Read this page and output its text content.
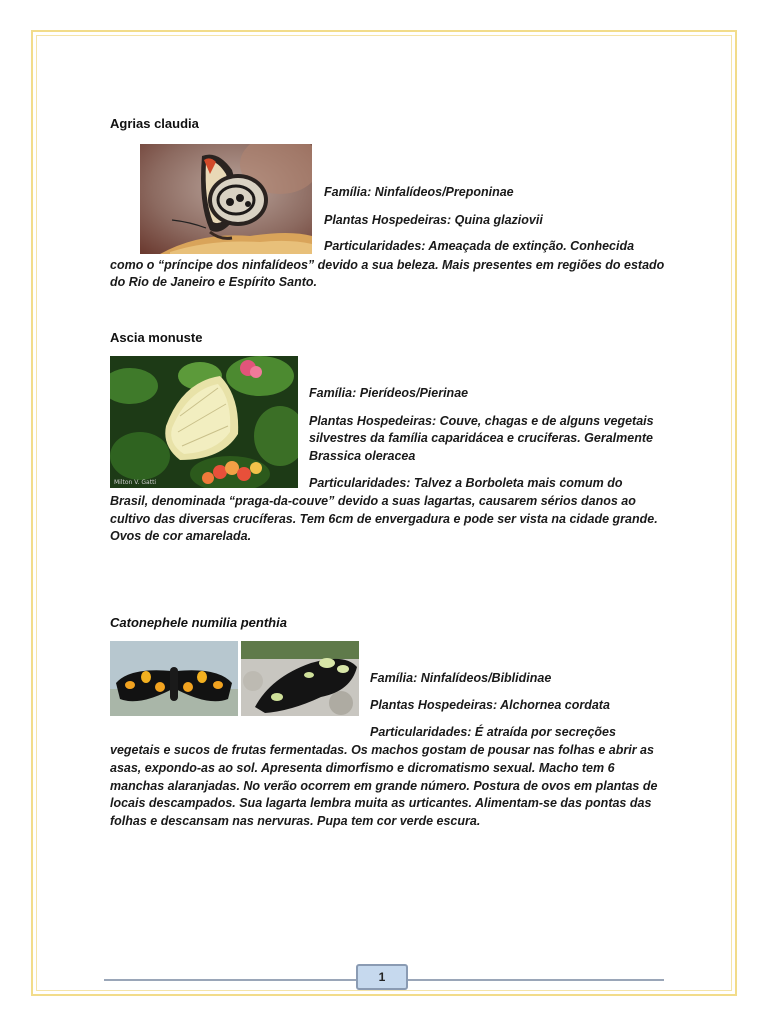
Agrias claudia
Família: Ninfalídeos/Preponinae
Plantas Hospedeiras: Quina glaziovii
Particularidades: Ameaçada de extinção. Conhecida
como o “príncipe dos ninfalídeos” devido a sua beleza. Mais presentes em regiões do estado
do Rio de Janeiro e Espírito Santo.
Ascia monuste
Milton V. Gatti
Família: Pierídeos/Pierinae
Plantas Hospedeiras: Couve, chagas e de alguns vegetais
silvestres da família caparidácea e cruciferas. Geralmente
Brassica oleracea
Particularidades: Talvez a Borboleta mais comum do
Brasil, denominada “praga-da-couve” devido a suas lagartas, causarem sérios danos ao
cultivo das diversas crucíferas. Tem 6cm de envergadura e pode ser vista na cidade grande.
Ovos de cor amarelada.
Catonephele numilia penthia
Família: Ninfalídeos/Biblidinae
Plantas Hospedeiras: Alchornea cordata
Particularidades: É atraída por secreções
vegetais e sucos de frutas fermentadas. Os machos gostam de pousar nas folhas e abrir as
asas, expondo-as ao sol. Apresenta dimorfismo e dicromatismo sexual. Macho tem 6
manchas alaranjadas. No verão ocorrem em grande número. Postura de ovos em plantas de
locais descampados. Sua lagarta lembra muita as urticantes. Alimentam-se das pontas das
folhas e descansam nas nervuras. Pupa tem cor verde escura.
1
